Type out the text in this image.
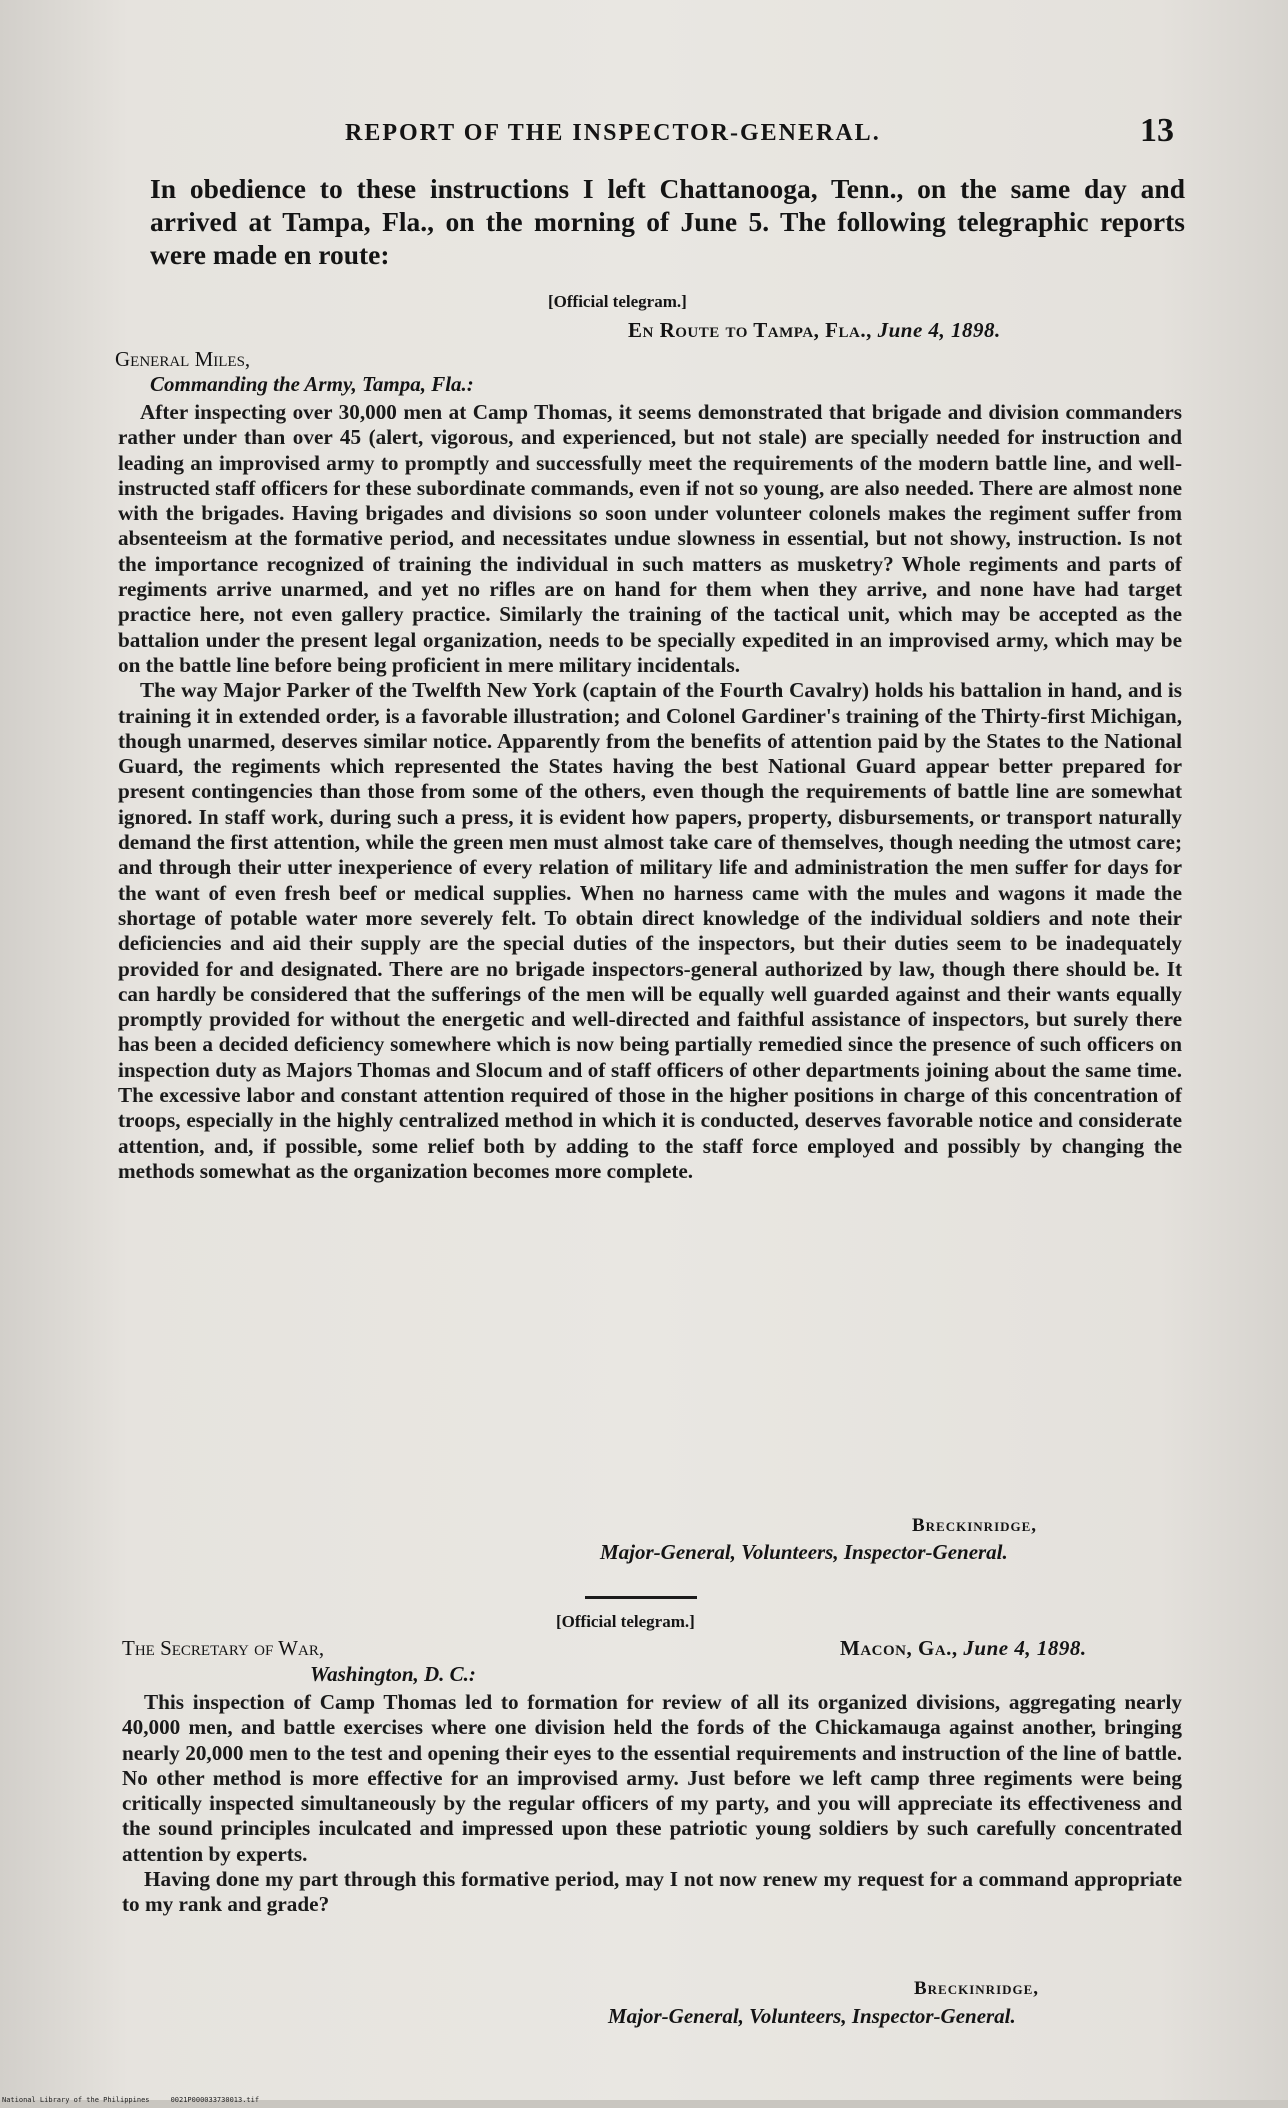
REPORT OF THE INSPECTOR-GENERAL.	13
In obedience to these instructions I left Chattanooga, Tenn., on the same day and arrived at Tampa, Fla., on the morning of June 5. The following telegraphic reports were made en route:
[Official telegram.]
En Route to Tampa, Fla., June 4, 1898.
General Miles,
Commanding the Army, Tampa, Fla.:

After inspecting over 30,000 men at Camp Thomas, it seems demonstrated that brigade and division commanders rather under than over 45 (alert, vigorous, and experienced, but not stale) are specially needed for instruction and leading an improvised army to promptly and successfully meet the requirements of the modern battle line, and well-instructed staff officers for these subordinate commands, even if not so young, are also needed. There are almost none with the brigades. Having brigades and divisions so soon under volunteer colonels makes the regiment suffer from absenteeism at the formative period, and necessitates undue slowness in essential, but not showy, instruction. Is not the importance recognized of training the individual in such matters as musketry? Whole regiments and parts of regiments arrive unarmed, and yet no rifles are on hand for them when they arrive, and none have had target practice here, not even gallery practice. Similarly the training of the tactical unit, which may be accepted as the battalion under the present legal organization, needs to be specially expedited in an improvised army, which may be on the battle line before being proficient in mere military incidentals.

The way Major Parker of the Twelfth New York (captain of the Fourth Cavalry) holds his battalion in hand, and is training it in extended order, is a favorable illustration; and Colonel Gardiner's training of the Thirty-first Michigan, though unarmed, deserves similar notice. Apparently from the benefits of attention paid by the States to the National Guard, the regiments which represented the States having the best National Guard appear better prepared for present contingencies than those from some of the others, even though the requirements of battle line are somewhat ignored. In staff work, during such a press, it is evident how papers, property, disbursements, or transport naturally demand the first attention, while the green men must almost take care of themselves, though needing the utmost care; and through their utter inexperience of every relation of military life and administration the men suffer for days for the want of even fresh beef or medical supplies. When no harness came with the mules and wagons it made the shortage of potable water more severely felt. To obtain direct knowledge of the individual soldiers and note their deficiencies and aid their supply are the special duties of the inspectors, but their duties seem to be inadequately provided for and designated. There are no brigade inspectors-general authorized by law, though there should be. It can hardly be considered that the sufferings of the men will be equally well guarded against and their wants equally promptly provided for without the energetic and well-directed and faithful assistance of inspectors, but surely there has been a decided deficiency somewhere which is now being partially remedied since the presence of such officers on inspection duty as Majors Thomas and Slocum and of staff officers of other departments joining about the same time. The excessive labor and constant attention required of those in the higher positions in charge of this concentration of troops, especially in the highly centralized method in which it is conducted, deserves favorable notice and considerate attention, and, if possible, some relief both by adding to the staff force employed and possibly by changing the methods somewhat as the organization becomes more complete.

Breckinridge,
Major-General, Volunteers, Inspector-General.
[Official telegram.]
The Secretary of War,	Macon, Ga., June 4, 1898.
Washington, D. C.:

This inspection of Camp Thomas led to formation for review of all its organized divisions, aggregating nearly 40,000 men, and battle exercises where one division held the fords of the Chickamauga against another, bringing nearly 20,000 men to the test and opening their eyes to the essential requirements and instruction of the line of battle. No other method is more effective for an improvised army. Just before we left camp three regiments were being critically inspected simultaneously by the regular officers of my party, and you will appreciate its effectiveness and the sound principles inculcated and impressed upon these patriotic young soldiers by such carefully concentrated attention by experts.

Having done my part through this formative period, may I not now renew my request for a command appropriate to my rank and grade?

Breckinridge,
Major-General, Volunteers, Inspector-General.
National Library of the Philippines     0021P000033730013.tif
